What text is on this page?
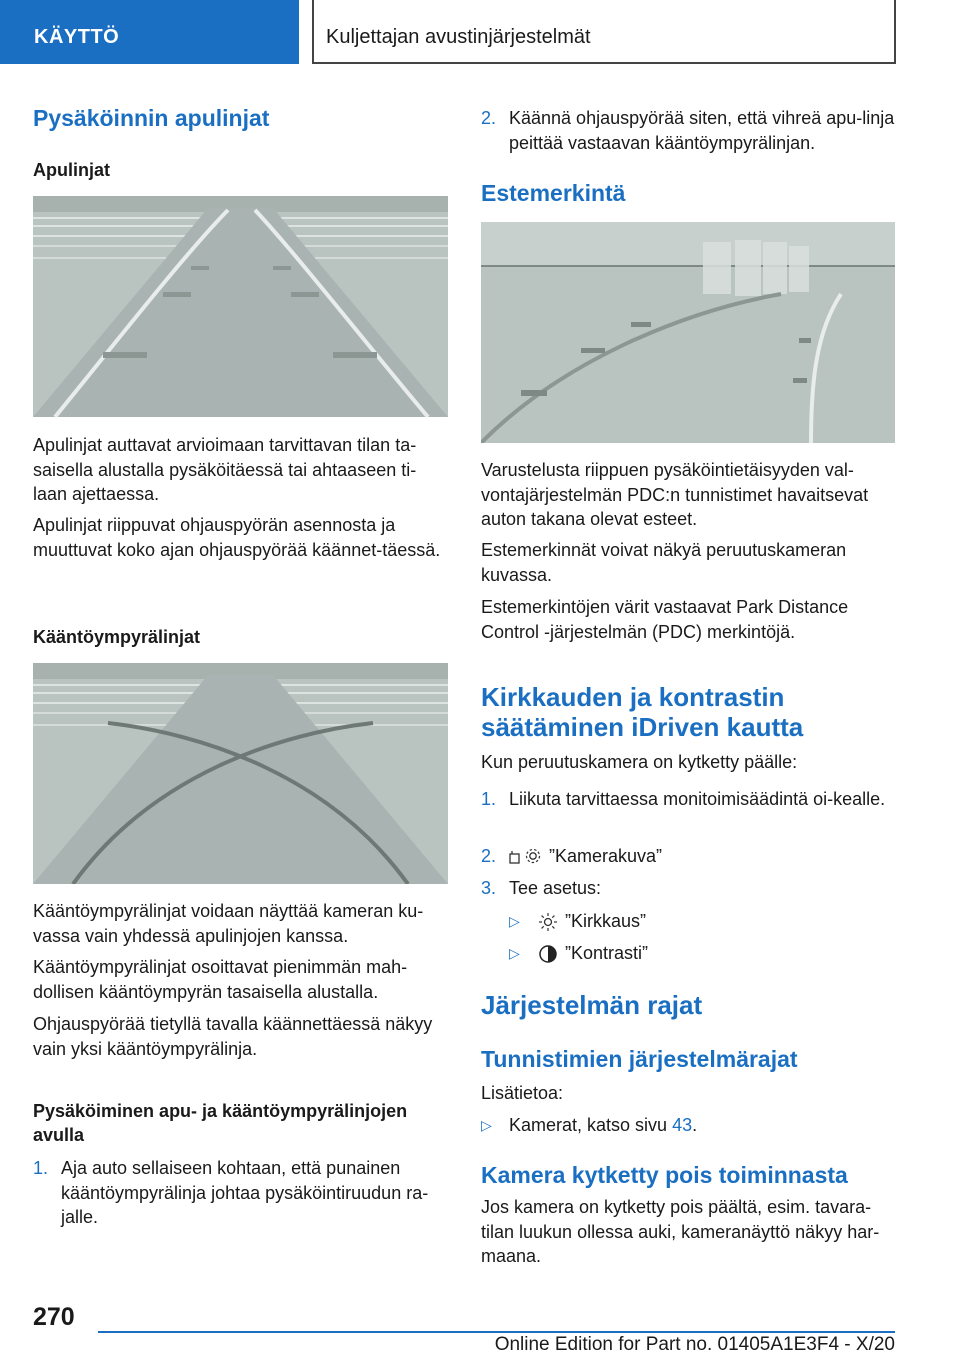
KÄYTTÖ	Kuljettajan avustinjärjestelmät
Pysäköinnin apulinjat
Apulinjat
Apulinjat auttavat arvioimaan tarvittavan tilan ta-saisella alustalla pysäköitäessä tai ahtaaseen ti-laan ajettaessa.
Apulinjat riippuvat ohjauspyörän asennosta ja muuttuvat koko ajan ohjauspyörää käännet-täessä.
Kääntöympyrälinjat
Kääntöympyrälinjat voidaan näyttää kameran ku-vassa vain yhdessä apulinjojen kanssa.
Kääntöympyrälinjat osoittavat pienimmän mah-dollisen kääntöympyrän tasaisella alustalla.
Ohjauspyörää tietyllä tavalla käännettäessä näkyy vain yksi kääntöympyrälinja.
Pysäköiminen apu- ja kääntöympyrälinjojen avulla
1. Aja auto sellaiseen kohtaan, että punainen kääntöympyrälinja johtaa pysäköintiruudun ra-jalle.
2. Käännä ohjauspyörää siten, että vihreä apu-linja peittää vastaavan kääntöympyrälinjan.
Estemerkintä
Varustelusta riippuen pysäköintietäisyyden val-vontajärjestelmän PDC:n tunnistimet havaitsevat auton takana olevat esteet.
Estemerkinnät voivat näkyä peruutuskameran kuvassa.
Estemerkintöjen värit vastaavat Park Distance Control -järjestelmän (PDC) merkintöjä.
Kirkkauden ja kontrastin säätäminen iDriven kautta
Kun peruutuskamera on kytketty päälle:
1. Liikuta tarvittaessa monitoimisäädintä oi-kealle.
2.	”Kamerakuva”
3. Tee asetus:
▷	”Kirkkaus”
▷	”Kontrasti”
Järjestelmän rajat
Tunnistimien järjestelmärajat
Lisätietoa:
▷ Kamerat, katso sivu 43.
Kamera kytketty pois toiminnasta
Jos kamera on kytketty pois päältä, esim. tavara-tilan luukun ollessa auki, kameranäyttö näkyy har-maana.
270
Online Edition for Part no. 01405A1E3F4 - X/20
